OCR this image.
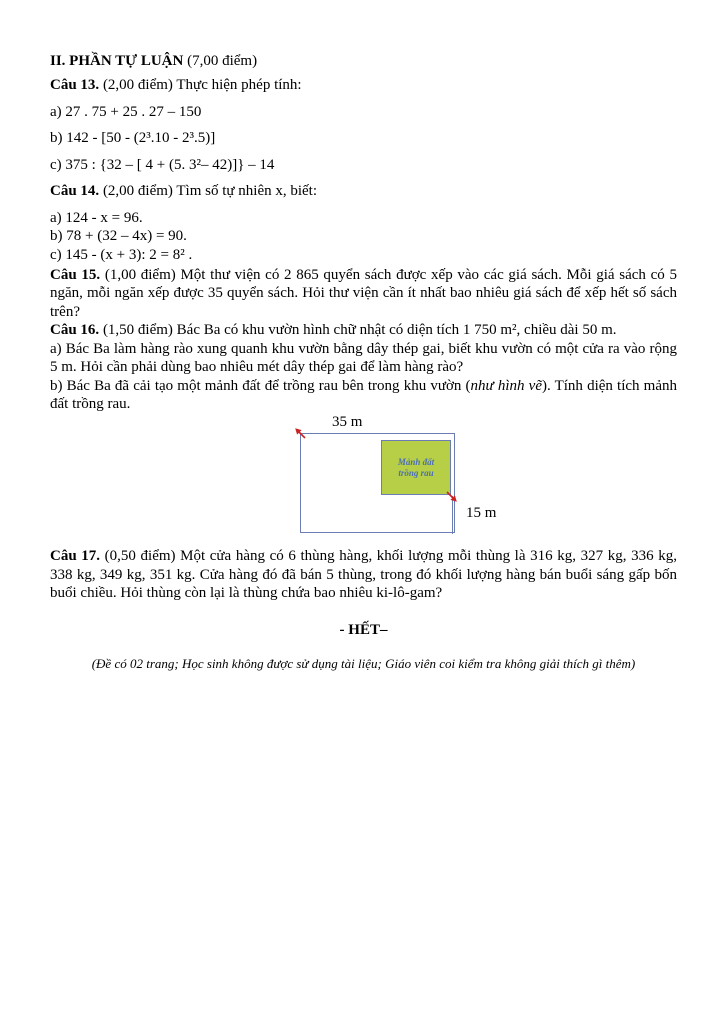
II. PHẦN TỰ LUẬN (7,00 điểm)

Câu 13. (2,00 điểm) Thực hiện phép tính:

a) 27 . 75 + 25 . 27 – 150

b) 142 - [50 - (2³.10 - 2³.5)]

c) 375 : {32 – [ 4 + (5. 3²– 42)]} – 14

Câu 14. (2,00 điểm) Tìm số tự nhiên x, biết:

a) 124 - x = 96.

b) 78 + (32 – 4x) = 90.

c) 145 - (x + 3): 2 = 8² .

Câu 15. (1,00 điểm) Một thư viện có 2 865 quyển sách được xếp vào các giá sách. Mỗi giá sách có 5 ngăn, mỗi ngăn xếp được 35 quyển sách. Hỏi thư viện cần ít nhất bao nhiêu giá sách để xếp hết số sách trên?

Câu 16. (1,50 điểm) Bác Ba có khu vườn hình chữ nhật có diện tích 1 750 m², chiều dài 50 m.

a) Bác Ba làm hàng rào xung quanh khu vườn bằng dây thép gai, biết khu vườn có một cửa ra vào rộng 5 m. Hỏi cần phải dùng bao nhiêu mét dây thép gai để làm hàng rào?

b) Bác Ba đã cải tạo một mảnh đất để trồng rau bên trong khu vườn (như hình vẽ). Tính diện tích mảnh đất trồng rau.

35 m
Mảnh đất trồng rau
15 m

Câu 17. (0,50 điểm) Một cửa hàng có 6 thùng hàng, khối lượng mỗi thùng là 316 kg, 327 kg, 336 kg, 338 kg, 349 kg, 351 kg. Cửa hàng đó đã bán 5 thùng, trong đó khối lượng hàng bán buổi sáng gấp bốn buổi chiều. Hỏi thùng còn lại là thùng chứa bao nhiêu ki-lô-gam?

- HẾT–

(Đề có 02 trang; Học sinh không được sử dụng tài liệu; Giáo viên coi kiểm tra không giải thích gì thêm)
